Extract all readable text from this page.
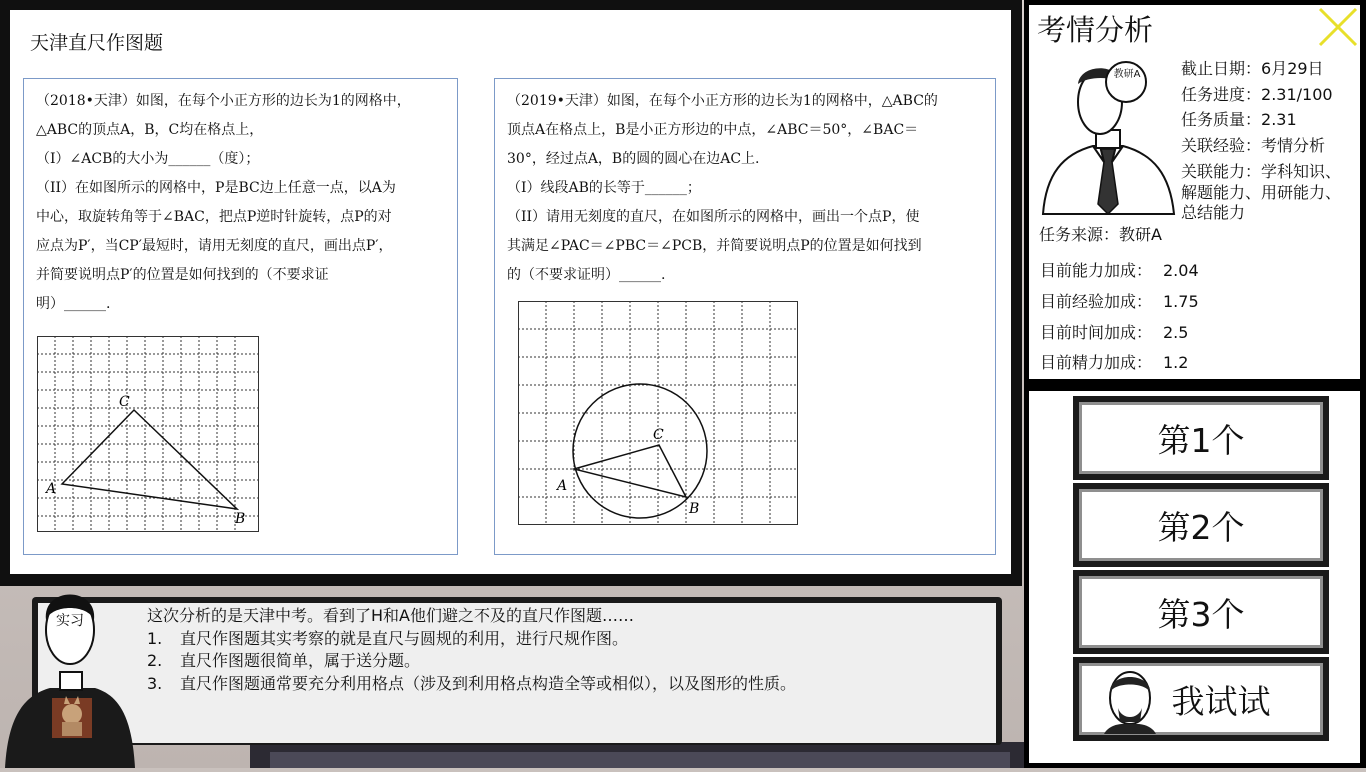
天津直尺作图题

（2018•天津）如图，在每个小正方形的边长为1的网格中，

△ABC的顶点A，B，C均在格点上，

（I）∠ACB的大小为______（度）；

（II）在如图所示的网格中，P是BC边上任意一点，以A为

中心，取旋转角等于∠BAC，把点P逆时针旋转，点P的对

应点为P′，当CP′最短时，请用无刻度的直尺，画出点P′，

并简要说明点P′的位置是如何找到的（不要求证

明）______.

A
C
B

（2019•天津）如图，在每个小正方形的边长为1的网格中，△ABC的

顶点A在格点上，B是小正方形边的中点，∠ABC＝50°，∠BAC＝

30°，经过点A，B的圆的圆心在边AC上.

（I）线段AB的长等于______；

（II）请用无刻度的直尺，在如图所示的网格中，画出一个点P，使

其满足∠PAC＝∠PBC＝∠PCB，并简要说明点P的位置是如何找到

的（不要求证明）______.

A
C
B
考情分析
教研A	截止日期：6月29日
任务进度：2.31/100
任务质量：2.31
关联经验：考情分析
关联能力：学科知识、
解题能力、用研能力、
总结能力
任务来源：教研A
目前能力加成： 2.04
目前经验加成： 1.75
目前时间加成： 2.5
目前精力加成： 1.2
第1个
第2个
第3个
我试试
这次分析的是天津中考。看到了H和A他们避之不及的直尺作图题……
1. 直尺作图题其实考察的就是直尺与圆规的利用，进行尺规作图。
2. 直尺作图题很简单，属于送分题。
3. 直尺作图题通常要充分利用格点（涉及到利用格点构造全等或相似），以及图形的性质。
实习
